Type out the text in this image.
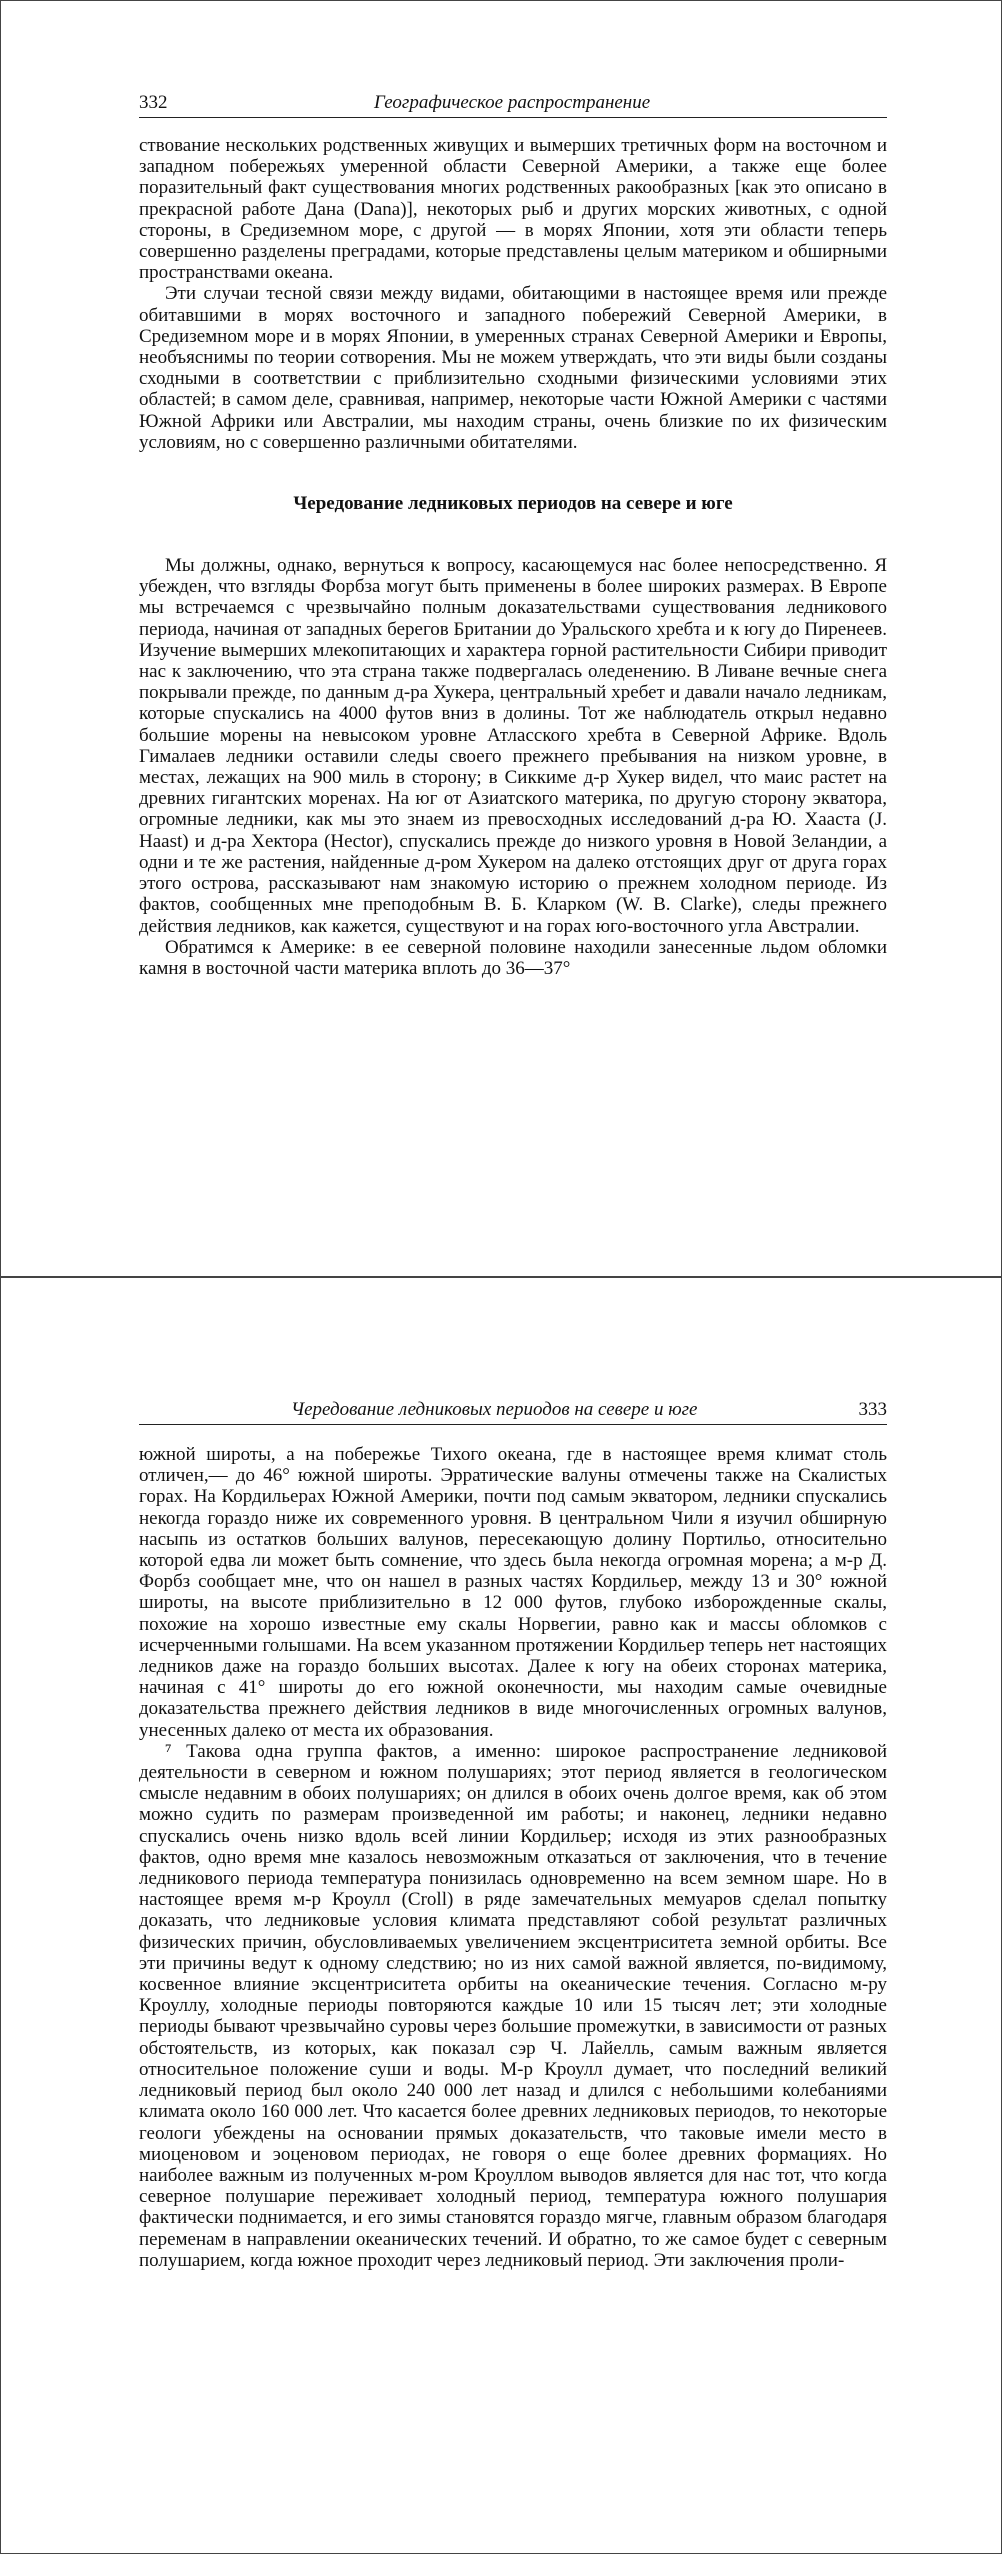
332	Географическое распространение

ствование нескольких родственных живущих и вымерших третичных форм на восточном и западном побережьях умеренной области Северной Америки, а также еще более поразительный факт существования многих родственных ракообразных [как это описано в прекрасной работе Дана (Dana)], некоторых рыб и других морских животных, с одной стороны, в Средиземном море, с другой — в морях Японии, хотя эти области теперь совершенно разделены преградами, которые представлены целым материком и обширными пространствами океана.

Эти случаи тесной связи между видами, обитающими в настоящее время или прежде обитавшими в морях восточного и западного побережий Северной Америки, в Средиземном море и в морях Японии, в умеренных странах Северной Америки и Европы, необъяснимы по теории сотворения. Мы не можем утверждать, что эти виды были созданы сходными в соответствии с приблизительно сходными физическими условиями этих областей; в самом деле, сравнивая, например, некоторые части Южной Америки с частями Южной Африки или Австралии, мы находим страны, очень близкие по их физическим условиям, но с совершенно различными обитателями.

Чередование ледниковых периодов на севере и юге

Мы должны, однако, вернуться к вопросу, касающемуся нас более непосредственно. Я убежден, что взгляды Форбза могут быть применены в более широких размерах. В Европе мы встречаемся с чрезвычайно полным доказательствами существования ледникового периода, начиная от западных берегов Британии до Уральского хребта и к югу до Пиренеев. Изучение вымерших млекопитающих и характера горной растительности Сибири приводит нас к заключению, что эта страна также подвергалась оледенению. В Ливане вечные снега покрывали прежде, по данным д-ра Хукера, центральный хребет и давали начало ледникам, которые спускались на 4000 футов вниз в долины. Тот же наблюдатель открыл недавно большие морены на невысоком уровне Атласского хребта в Северной Африке. Вдоль Гималаев ледники оставили следы своего прежнего пребывания на низком уровне, в местах, лежащих на 900 миль в сторону; в Сиккиме д-р Хукер видел, что маис растет на древних гигантских моренах. На юг от Азиатского материка, по другую сторону экватора, огромные ледники, как мы это знаем из превосходных исследований д-ра Ю. Хааста (J. Haast) и д-ра Хектора (Hector), спускались прежде до низкого уровня в Новой Зеландии, а одни и те же растения, найденные д-ром Хукером на далеко отстоящих друг от друга горах этого острова, рассказывают нам знакомую историю о прежнем холодном периоде. Из фактов, сообщенных мне преподобным В. Б. Кларком (W. B. Clarke), следы прежнего действия ледников, как кажется, существуют и на горах юго-восточного угла Австралии.

Обратимся к Америке: в ее северной половине находили занесенные льдом обломки камня в восточной части материка вплоть до 36—37°

Чередование ледниковых периодов на севере и юге	333

южной широты, а на побережье Тихого океана, где в настоящее время климат столь отличен,— до 46° южной широты. Эрратические валуны отмечены также на Скалистых горах. На Кордильерах Южной Америки, почти под самым экватором, ледники спускались некогда гораздо ниже их современного уровня. В центральном Чили я изучил обширную насыпь из остатков больших валунов, пересекающую долину Портильо, относительно которой едва ли может быть сомнение, что здесь была некогда огромная морена; а м-р Д. Форбз сообщает мне, что он нашел в разных частях Кордильер, между 13 и 30° южной широты, на высоте приблизительно в 12 000 футов, глубоко изборожденные скалы, похожие на хорошо известные ему скалы Норвегии, равно как и массы обломков с исчерченными голышами. На всем указанном протяжении Кордильер теперь нет настоящих ледников даже на гораздо больших высотах. Далее к югу на обеих сторонах материка, начиная с 41° широты до его южной оконечности, мы находим самые очевидные доказательства прежнего действия ледников в виде многочисленных огромных валунов, унесенных далеко от места их образования.

⁷ Такова одна группа фактов, а именно: широкое распространение ледниковой деятельности в северном и южном полушариях; этот период является в геологическом смысле недавним в обоих полушариях; он длился в обоих очень долгое время, как об этом можно судить по размерам произведенной им работы; и наконец, ледники недавно спускались очень низко вдоль всей линии Кордильер; исходя из этих разнообразных фактов, одно время мне казалось невозможным отказаться от заключения, что в течение ледникового периода температура понизилась одновременно на всем земном шаре. Но в настоящее время м-р Кроулл (Croll) в ряде замечательных мемуаров сделал попытку доказать, что ледниковые условия климата представляют собой результат различных физических причин, обусловливаемых увеличением эксцентриситета земной орбиты. Все эти причины ведут к одному следствию; но из них самой важной является, по-видимому, косвенное влияние эксцентриситета орбиты на океанические течения. Согласно м-ру Кроуллу, холодные периоды повторяются каждые 10 или 15 тысяч лет; эти холодные периоды бывают чрезвычайно суровы через большие промежутки, в зависимости от разных обстоятельств, из которых, как показал сэр Ч. Лайелль, самым важным является относительное положение суши и воды. М-р Кроулл думает, что последний великий ледниковый период был около 240 000 лет назад и длился с небольшими колебаниями климата около 160 000 лет. Что касается более древних ледниковых периодов, то некоторые геологи убеждены на основании прямых доказательств, что таковые имели место в миоценовом и эоценовом периодах, не говоря о еще более древних формациях. Но наиболее важным из полученных м-ром Кроуллом выводов является для нас тот, что когда северное полушарие переживает холодный период, температура южного полушария фактически поднимается, и его зимы становятся гораздо мягче, главным образом благодаря переменам в направлении океанических течений. И обратно, то же самое будет с северным полушарием, когда южное проходит через ледниковый период. Эти заключения проли-
